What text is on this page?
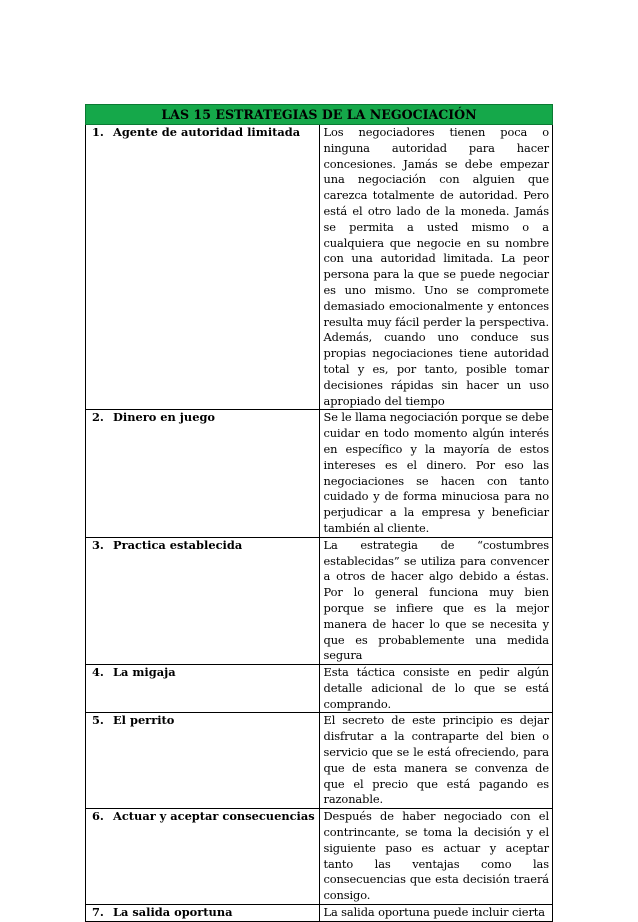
LAS 15 ESTRATEGIAS DE LA NEGOCIACIÓN	

1. Agente de autoridad limitada	Los negociadores tienen poca o ninguna autoridad para hacer concesiones. Jamás se debe empezar una negociación con alguien que carezca totalmente de autoridad. Pero está el otro lado de la moneda. Jamás se permita a usted mismo o a cualquiera que negocie en su nombre con una autoridad limitada. La peor persona para la que se puede negociar es uno mismo. Uno se compromete demasiado emocionalmente y entonces resulta muy fácil perder la perspectiva. Además, cuando uno conduce sus propias negociaciones tiene autoridad total y es, por tanto, posible tomar decisiones rápidas sin hacer un uso apropiado del tiempo

2. Dinero en juego	Se le llama negociación porque se debe cuidar en todo momento algún interés en específico y la mayoría de estos intereses es el dinero. Por eso las negociaciones se hacen con tanto cuidado y de forma minuciosa para no perjudicar a la empresa y beneficiar también al cliente.

3. Practica establecida	La estrategia de “costumbres establecidas” se utiliza para convencer a otros de hacer algo debido a éstas. Por lo general funciona muy bien porque se infiere que es la mejor manera de hacer lo que se necesita y que es probablemente una medida segura

4. La migaja	Esta táctica consiste en pedir algún detalle adicional de lo que se está comprando.

5. El perrito	El secreto de este principio es dejar disfrutar a la contraparte del bien o servicio que se le está ofreciendo, para que de esta manera se convenza de que el precio que está pagando es razonable.

6. Actuar y aceptar consecuencias	Después de haber negociado con el contrincante, se toma la decisión y el siguiente paso es actuar y aceptar tanto las ventajas como las consecuencias que esta decisión traerá consigo.

7. La salida oportuna	La salida oportuna puede incluir cierta
